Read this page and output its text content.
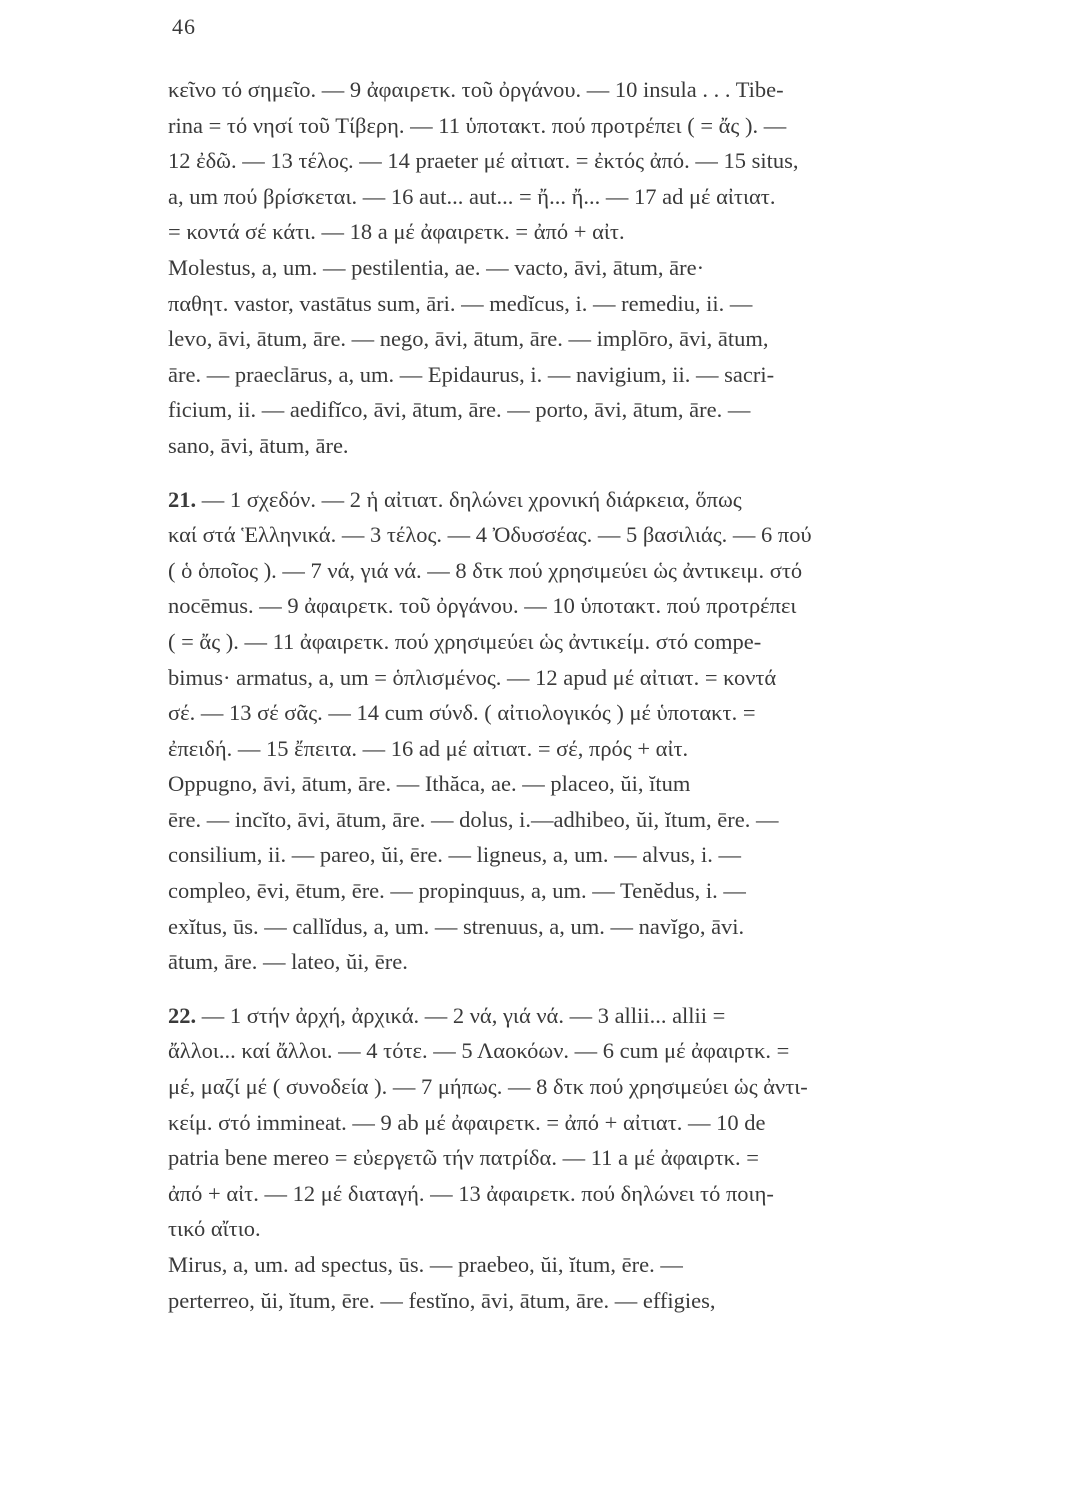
46
κεῖνο τό σημεῖο. — 9 ἀφαιρετκ. τοῦ ὀργάνου. — 10 insula . . . Tibe-
rina = τό νησί τοῦ Τίβερη. — 11 ὑποτακτ. πού προτρέπει ( = ἄς ). —
12 ἐδῶ. — 13 τέλος. — 14 praeter μέ αἰτιατ. = ἐκτός ἀπό. — 15 situs,
a, um πού βρίσκεται. — 16 aut... aut... = ἤ... ἤ... — 17 ad μέ αἰτιατ.
= κοντά σέ κάτι. — 18 a μέ ἀφαιρετκ. = ἀπό + αἰτ.
Molestus, a, um. — pestilentia, ae. — vacto, āvi, ātum, āre·
παθητ. vastor, vastātus sum, āri. — medĭcus, i. — remediu, ii. —
levo, āvi, ātum, āre. — nego, āvi, ātum, āre. — implōro, āvi, ātum,
āre. — praeclārus, a, um. — Epidaurus, i. — navigium, ii. — sacri-
ficium, ii. — aedifĭco, āvi, ātum, āre. — porto, āvi, ātum, āre. —
sano, āvi, ātum, āre.
21. — 1 σχεδόν. — 2 ἡ αἰτιατ. δηλώνει χρονική διάρκεια, ὅπως
καί στά Ἑλληνικά. — 3 τέλος. — 4 Ὀδυσσέας. — 5 βασιλιάς. — 6 πού
( ὁ ὁποῖος ). — 7 νά, γιά νά. — 8 δτκ πού χρησιμεύει ὡς ἀντικειμ. στό
nocēmus. — 9 ἀφαιρετκ. τοῦ ὀργάνου. — 10 ὑποτακτ. πού προτρέπει
( = ἄς ). — 11 ἀφαιρετκ. πού χρησιμεύει ὡς ἀντικείμ. στό compe-
bimus· armatus, a, um = ὁπλισμένος. — 12 apud μέ αἰτιατ. = κοντά
σέ. — 13 σέ σᾶς. — 14 cum σύνδ. ( αἰτιολογικός ) μέ ὑποτακτ. =
ἐπειδή. — 15 ἔπειτα. — 16 ad μέ αἰτιατ. = σέ, πρός + αἰτ.
Oppugno, āvi, ātum, āre. — Ithăca, ae. — placeo, ŭi, ĭtum
ēre. — incĭto, āvi, ātum, āre. — dolus, i.—adhibeo, ŭi, ĭtum, ēre. —
consilium, ii. — pareo, ŭi, ēre. — ligneus, a, um. — alvus, i. —
compleo, ēvi, ētum, ēre. — propinquus, a, um. — Tenĕdus, i. —
exĭtus, ūs. — callĭdus, a, um. — strenuus, a, um. — navĭgo, āvi.
ātum, āre. — lateo, ŭi, ēre.
22. — 1 στήν ἀρχή, ἀρχικά. — 2 νά, γιά νά. — 3 allii... allii =
ἄλλοι... καί ἄλλοι. — 4 τότε. — 5 Λαοκόων. — 6 cum μέ ἀφαιρτκ. =
μέ, μαζί μέ ( συνοδεία ). — 7 μήπως. — 8 δτκ πού χρησιμεύει ὡς ἀντι-
κείμ. στό immineat. — 9 ab μέ ἀφαιρετκ. = ἀπό + αἰτιατ. — 10 de
patria bene mereo = εὐεργετῶ τήν πατρίδα. — 11 a μέ ἀφαιρτκ. =
ἀπό + αἰτ. — 12 μέ διαταγή. — 13 ἀφαιρετκ. πού δηλώνει τό ποιη-
τικό αἴτιο.
Mirus, a, um. ad spectus, ūs. — praebeo, ŭi, ĭtum, ēre. —
perterreo, ŭi, ĭtum, ēre. — festĭno, āvi, ātum, āre. — effigies,
